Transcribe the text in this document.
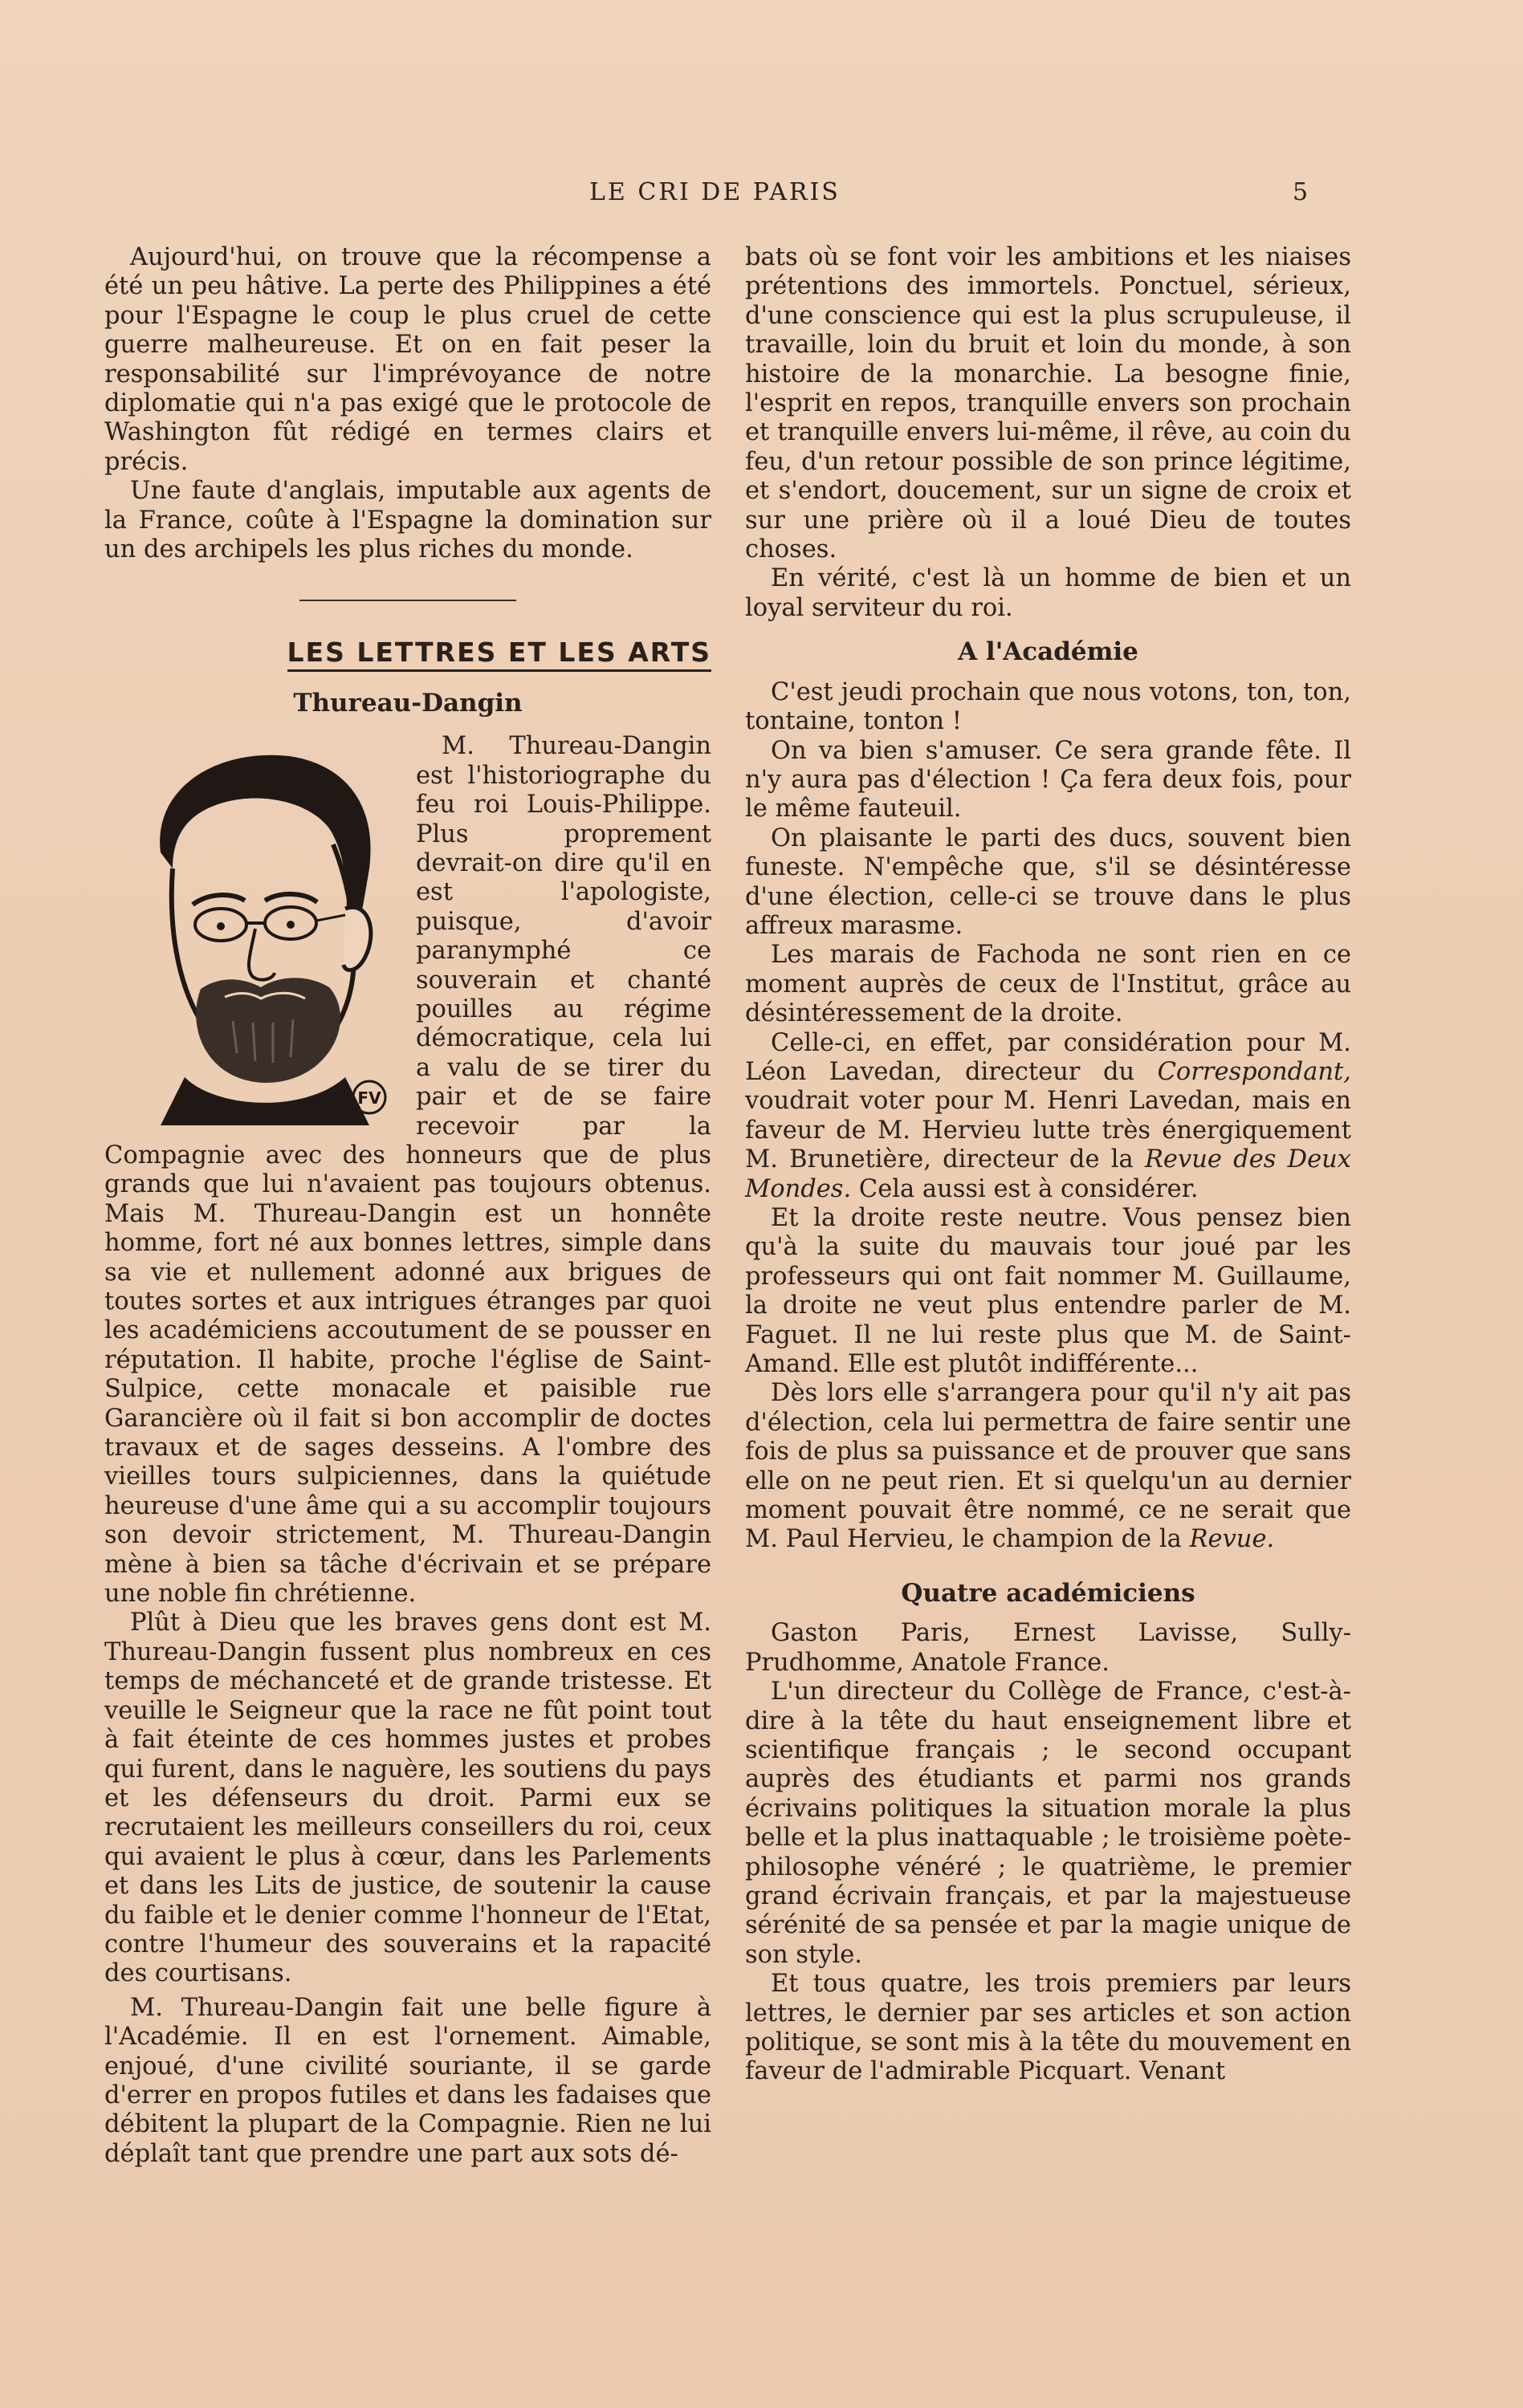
LE CRI DE PARIS	5

Aujourd'hui, on trouve que la récompense a été un peu hâtive. La perte des Philippines a été pour l'Espagne le coup le plus cruel de cette guerre malheureuse. Et on en fait peser la responsabilité sur l'imprévoyance de notre diplomatie qui n'a pas exigé que le protocole de Washington fût rédigé en termes clairs et précis.

Une faute d'anglais, imputable aux agents de la France, coûte à l'Espagne la domination sur un des archipels les plus riches du monde.

LES LETTRES ET LES ARTS
Thureau-Dangin
FV

M. Thureau-Dangin est l'historiographe du feu roi Louis-Philippe. Plus proprement devrait-on dire qu'il en est l'apologiste, puisque, d'avoir paranymphé ce souverain et chanté pouilles au régime démocratique, cela lui a valu de se tirer du pair et de se faire recevoir par la Compagnie avec des honneurs que de plus grands que lui n'avaient pas toujours obtenus. Mais M. Thureau-Dangin est un honnête homme, fort né aux bonnes lettres, simple dans sa vie et nullement adonné aux brigues de toutes sortes et aux intrigues étranges par quoi les académiciens accoutument de se pousser en réputation. Il habite, proche l'église de Saint-Sulpice, cette monacale et paisible rue Garancière où il fait si bon accomplir de doctes travaux et de sages desseins. A l'ombre des vieilles tours sulpiciennes, dans la quiétude heureuse d'une âme qui a su accomplir toujours son devoir strictement, M. Thureau-Dangin mène à bien sa tâche d'écrivain et se prépare une noble fin chrétienne.

Plût à Dieu que les braves gens dont est M. Thureau-Dangin fussent plus nombreux en ces temps de méchanceté et de grande tristesse. Et veuille le Seigneur que la race ne fût point tout à fait éteinte de ces hommes justes et probes qui furent, dans le naguère, les soutiens du pays et les défenseurs du droit. Parmi eux se recrutaient les meilleurs conseillers du roi, ceux qui avaient le plus à cœur, dans les Parlements et dans les Lits de justice, de soutenir la cause du faible et le denier comme l'honneur de l'Etat, contre l'humeur des souverains et la rapacité des courtisans.

M. Thureau-Dangin fait une belle figure à l'Académie. Il en est l'ornement. Aimable, enjoué, d'une civilité souriante, il se garde d'errer en propos futiles et dans les fadaises que débitent la plupart de la Compagnie. Rien ne lui déplaît tant que prendre une part aux sots dé-

bats où se font voir les ambitions et les niaises prétentions des immortels. Ponctuel, sérieux, d'une conscience qui est la plus scrupuleuse, il travaille, loin du bruit et loin du monde, à son histoire de la monarchie. La besogne finie, l'esprit en repos, tranquille envers son prochain et tranquille envers lui-même, il rêve, au coin du feu, d'un retour possible de son prince légitime, et s'endort, doucement, sur un signe de croix et sur une prière où il a loué Dieu de toutes choses.

En vérité, c'est là un homme de bien et un loyal serviteur du roi.

A l'Académie

C'est jeudi prochain que nous votons, ton, ton, tontaine, tonton !

On va bien s'amuser. Ce sera grande fête. Il n'y aura pas d'élection ! Ça fera deux fois, pour le même fauteuil.

On plaisante le parti des ducs, souvent bien funeste. N'empêche que, s'il se désintéresse d'une élection, celle-ci se trouve dans le plus affreux marasme.

Les marais de Fachoda ne sont rien en ce moment auprès de ceux de l'Institut, grâce au désintéressement de la droite.

Celle-ci, en effet, par considération pour M. Léon Lavedan, directeur du Correspondant, voudrait voter pour M. Henri Lavedan, mais en faveur de M. Hervieu lutte très énergiquement M. Brunetière, directeur de la Revue des Deux Mondes. Cela aussi est à considérer.

Et la droite reste neutre. Vous pensez bien qu'à la suite du mauvais tour joué par les professeurs qui ont fait nommer M. Guillaume, la droite ne veut plus entendre parler de M. Faguet. Il ne lui reste plus que M. de Saint-Amand. Elle est plutôt indifférente...

Dès lors elle s'arrangera pour qu'il n'y ait pas d'élection, cela lui permettra de faire sentir une fois de plus sa puissance et de prouver que sans elle on ne peut rien. Et si quelqu'un au dernier moment pouvait être nommé, ce ne serait que M. Paul Hervieu, le champion de la Revue.

Quatre académiciens

Gaston Paris, Ernest Lavisse, Sully-Prudhomme, Anatole France.

L'un directeur du Collège de France, c'est-à-dire à la tête du haut enseignement libre et scientifique français ; le second occupant auprès des étudiants et parmi nos grands écrivains politiques la situation morale la plus belle et la plus inattaquable ; le troisième poète-philosophe vénéré ; le quatrième, le premier grand écrivain français, et par la majestueuse sérénité de sa pensée et par la magie unique de son style.

Et tous quatre, les trois premiers par leurs lettres, le dernier par ses articles et son action politique, se sont mis à la tête du mouvement en faveur de l'admirable Picquart. Venant
